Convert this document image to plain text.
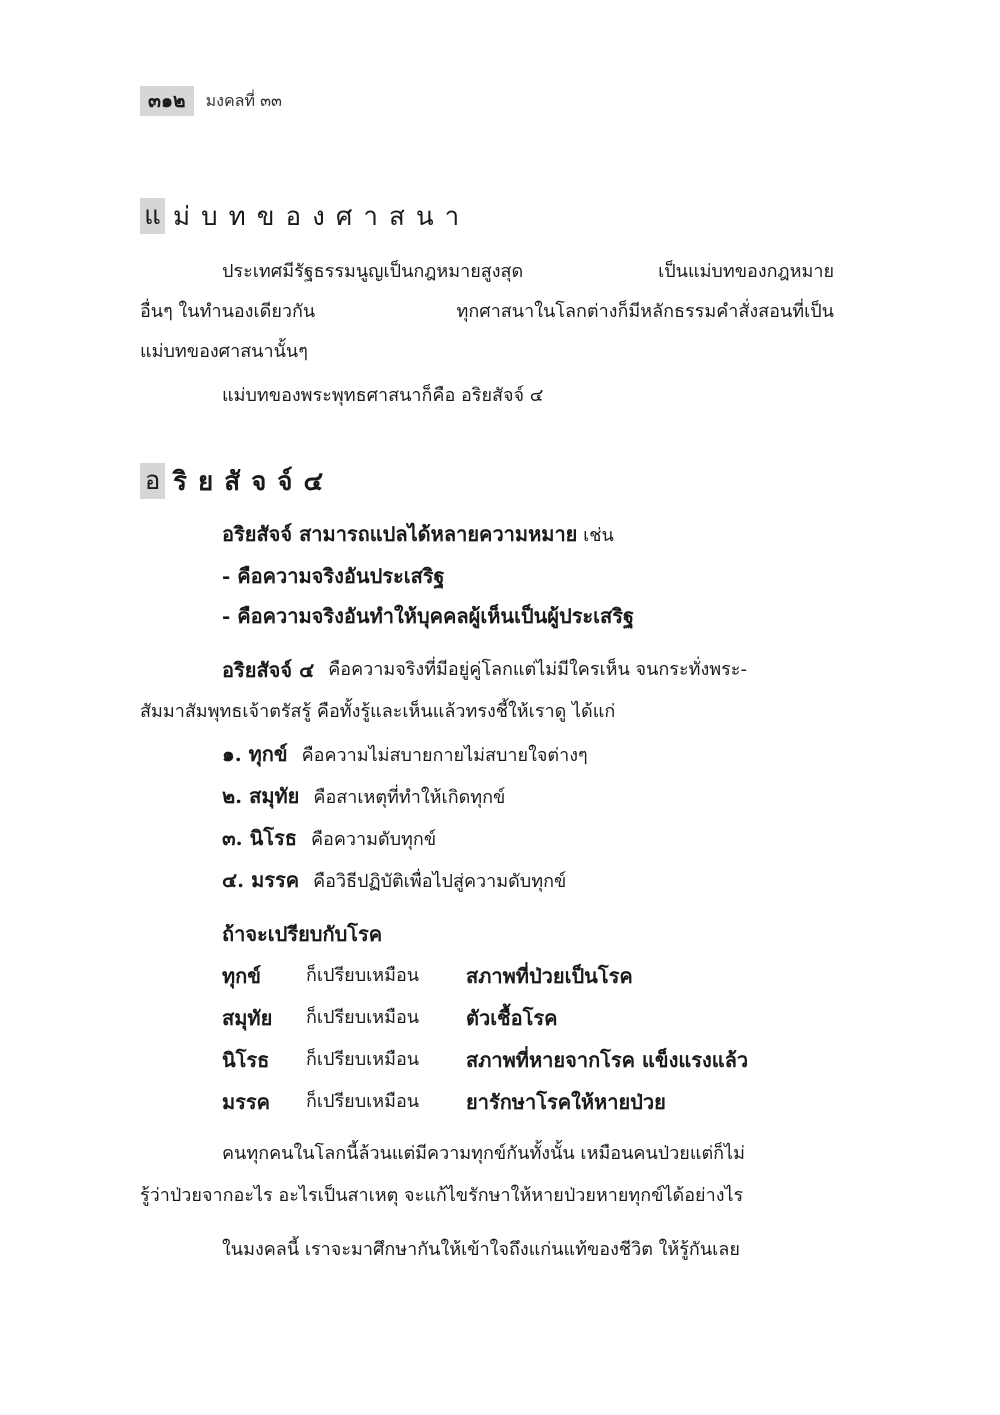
๓๑๒	มงคลที่ ๓๓
แ ม่บทของศาสนา
ประเทศมีรัฐธรรมนูญเป็นกฎหมายสูงสุด	เป็นแม่บทของกฎหมาย
อื่นๆ ในทำนองเดียวกัน	ทุกศาสนาในโลกต่างก็มีหลักธรรมคำสั่งสอนที่เป็น
แม่บทของศาสนานั้นๆ
แม่บทของพระพุทธศาสนาก็คือ อริยสัจจ์ ๔
อ ริยสัจจ์๔
อริยสัจจ์ สามารถแปลได้หลายความหมาย เช่น
- คือความจริงอันประเสริฐ
- คือความจริงอันทำให้บุคคลผู้เห็นเป็นผู้ประเสริฐ
อริยสัจจ์ ๔ คือความจริงที่มีอยู่คู่โลกแต่ไม่มีใครเห็น จนกระทั่งพระ-
สัมมาสัมพุทธเจ้าตรัสรู้ คือทั้งรู้และเห็นแล้วทรงชี้ให้เราดู ได้แก่
๑. ทุกข์ คือความไม่สบายกายไม่สบายใจต่างๆ
๒. สมุทัย คือสาเหตุที่ทำให้เกิดทุกข์
๓. นิโรธ คือความดับทุกข์
๔. มรรค คือวิธีปฏิบัติเพื่อไปสู่ความดับทุกข์
ถ้าจะเปรียบกับโรค
ทุกข์	ก็เปรียบเหมือน สภาพที่ป่วยเป็นโรค
สมุทัย ก็เปรียบเหมือน ตัวเชื้อโรค
นิโรธ ก็เปรียบเหมือน สภาพที่หายจากโรค แข็งแรงแล้ว
มรรค ก็เปรียบเหมือน ยารักษาโรคให้หายป่วย
คนทุกคนในโลกนี้ล้วนแต่มีความทุกข์กันทั้งนั้น เหมือนคนป่วยแต่ก็ไม่
รู้ว่าป่วยจากอะไร อะไรเป็นสาเหตุ จะแก้ไขรักษาให้หายป่วยหายทุกข์ได้อย่างไร
ในมงคลนี้ เราจะมาศึกษากันให้เข้าใจถึงแก่นแท้ของชีวิต ให้รู้กันเลย
